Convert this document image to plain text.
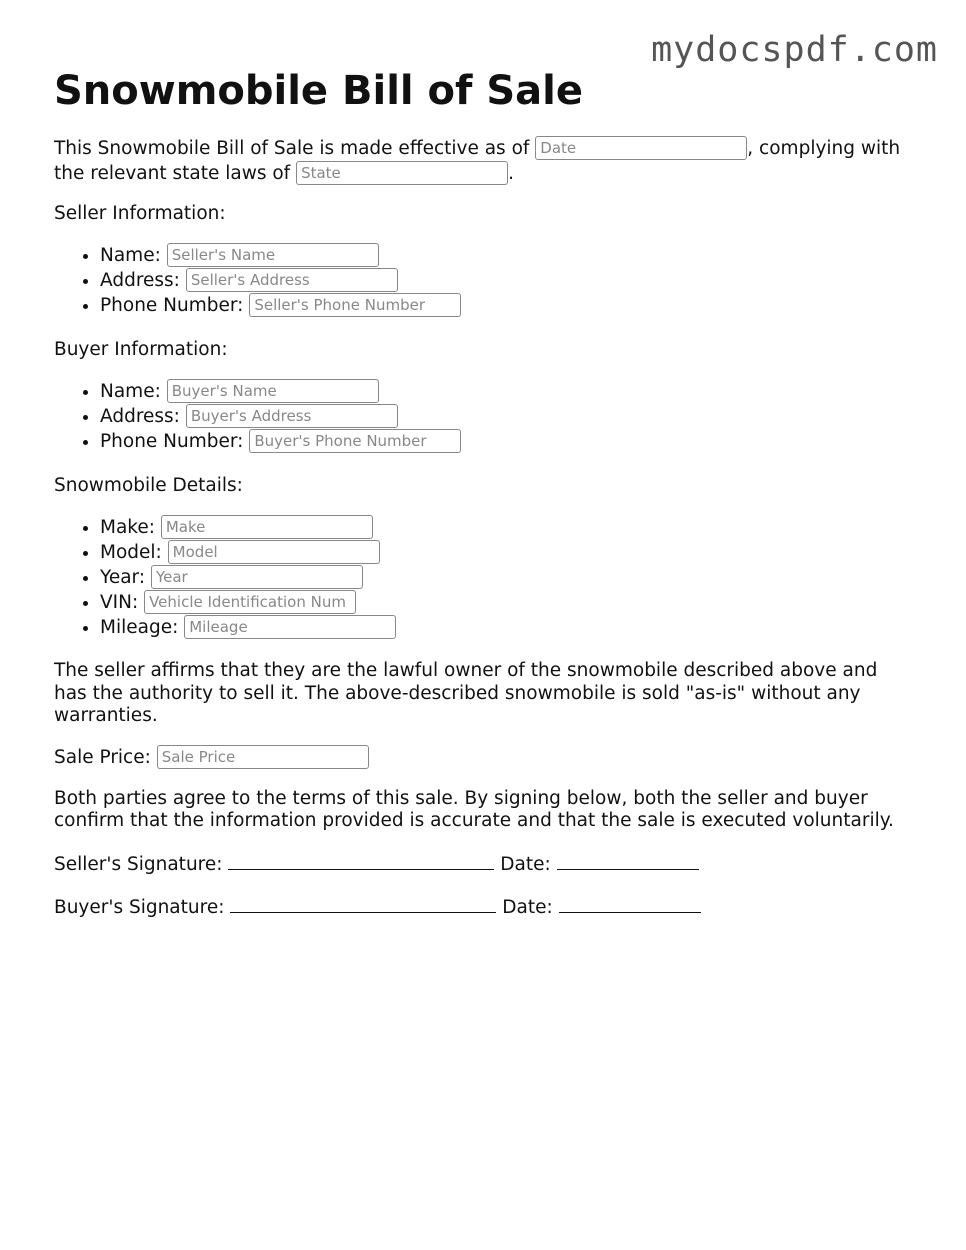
mydocspdf.com
Snowmobile Bill of Sale

This Snowmobile Bill of Sale is made effective as of Date	, complying with the relevant state laws of State	.

Seller Information:
• Name: Seller's Name
• Address: Seller's Address
• Phone Number: Seller's Phone Number
Buyer Information:
• Name: Buyer's Name
• Address: Buyer's Address
• Phone Number: Buyer's Phone Number
Snowmobile Details:
• Make: Make
• Model: Model
• Year: Year
• VIN: Vehicle Identification Num
• Mileage: Mileage

The seller affirms that they are the lawful owner of the snowmobile described above and has the authority to sell it. The above-described snowmobile is sold "as-is" without any warranties.

Sale Price: Sale Price

Both parties agree to the terms of this sale. By signing below, both the seller and buyer confirm that the information provided is accurate and that the sale is executed voluntarily.

Seller's Signature:	Date:
Buyer's Signature:	Date:
